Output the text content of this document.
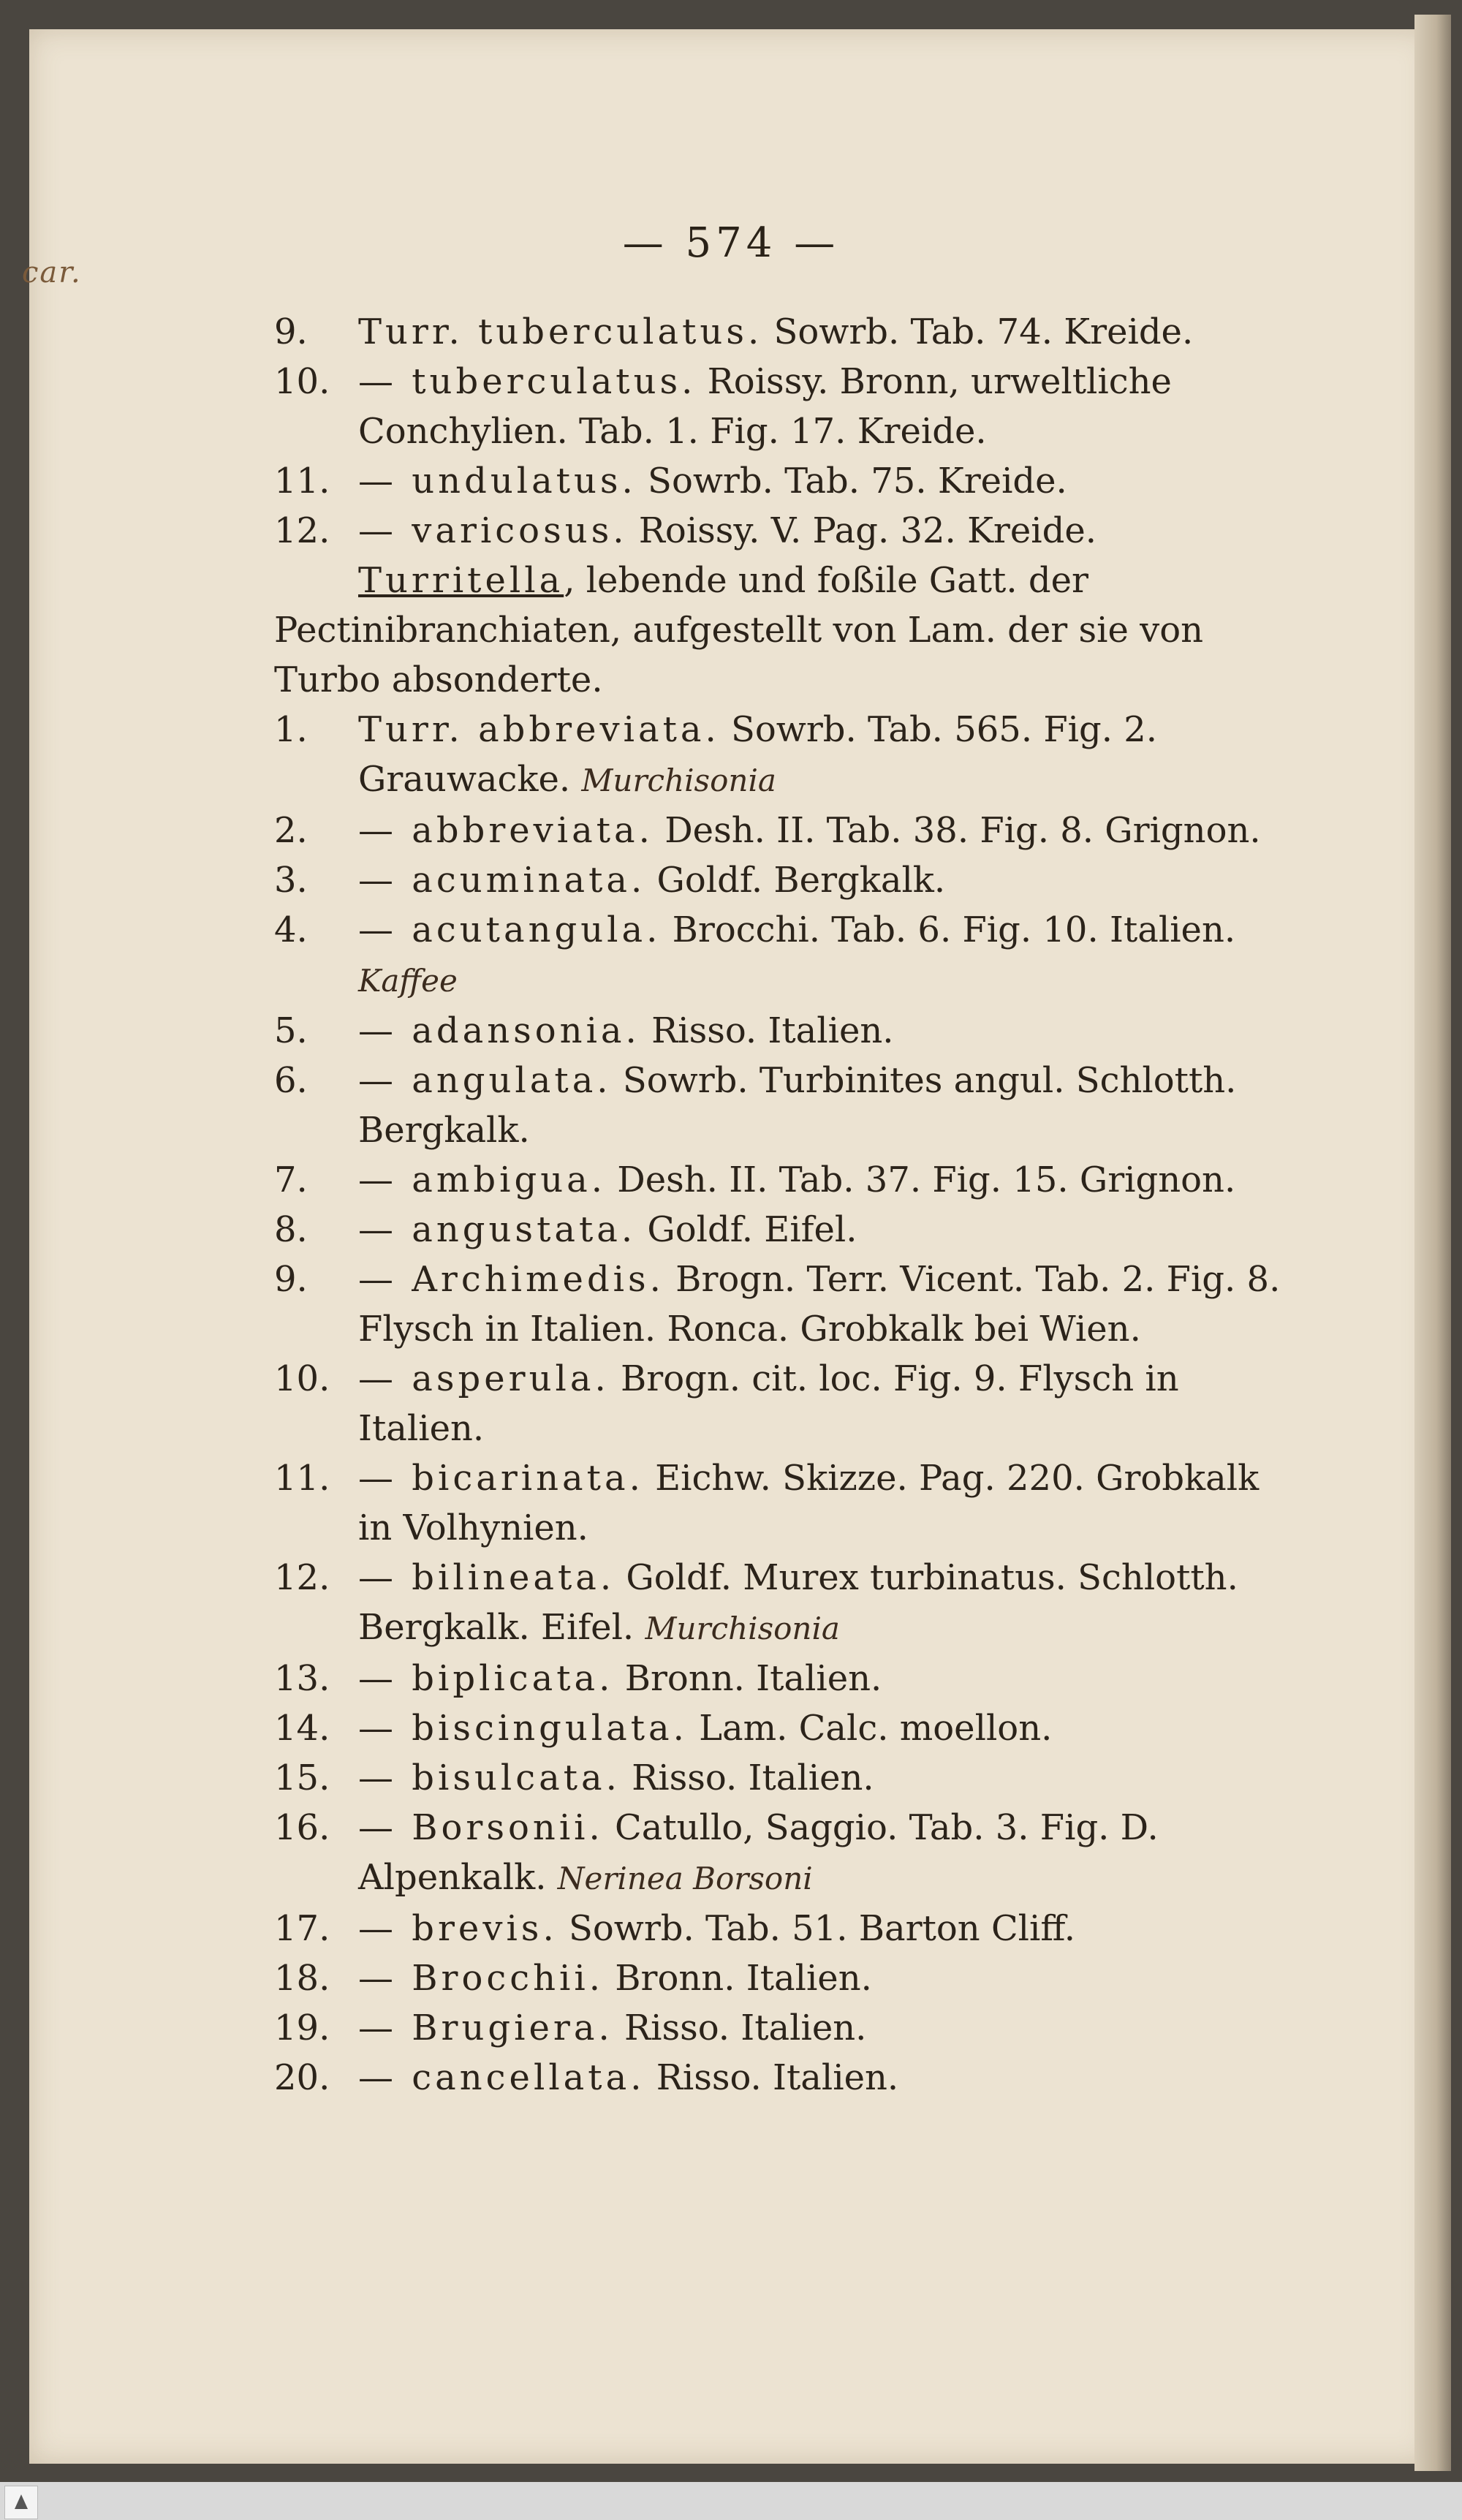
car.
— 574 —
9. Turr. tuberculatus. Sowrb. Tab. 74. Kreide.
10. — tuberculatus. Roissy. Bronn, urweltliche Conchylien. Tab. 1. Fig. 17. Kreide.
11. — undulatus. Sowrb. Tab. 75. Kreide.
12. — varicosus. Roissy. V. Pag. 32. Kreide.
Turritella, lebende und foßile Gatt. der Pectinibranchiaten, aufgestellt von Lam. der sie von Turbo absonderte.
1. Turr. abbreviata. Sowrb. Tab. 565. Fig. 2. Grauwacke. Murchisonia
2. — abbreviata. Desh. II. Tab. 38. Fig. 8. Grignon.
3. — acuminata. Goldf. Bergkalk.
4. — acutangula. Brocchi. Tab. 6. Fig. 10. Italien. Kaffee
5. — adansonia. Risso. Italien.
6. — angulata. Sowrb. Turbinites angul. Schlotth. Bergkalk.
7. — ambigua. Desh. II. Tab. 37. Fig. 15. Grignon.
8. — angustata. Goldf. Eifel.
9. — Archimedis. Brogn. Terr. Vicent. Tab. 2. Fig. 8. Flysch in Italien. Ronca. Grobkalk bei Wien.
10. — asperula. Brogn. cit. loc. Fig. 9. Flysch in Italien.
11. — bicarinata. Eichw. Skizze. Pag. 220. Grobkalk in Volhynien.
12. — bilineata. Goldf. Murex turbinatus. Schlotth. Bergkalk. Eifel. Murchisonia
13. — biplicata. Bronn. Italien.
14. — biscingulata. Lam. Calc. moellon.
15. — bisulcata. Risso. Italien.
16. — Borsonii. Catullo, Saggio. Tab. 3. Fig. D. Alpenkalk. Nerinea Borsoni
17. — brevis. Sowrb. Tab. 51. Barton Cliff.
18. — Brocchii. Bronn. Italien.
19. — Brugiera. Risso. Italien.
20. — cancellata. Risso. Italien.
